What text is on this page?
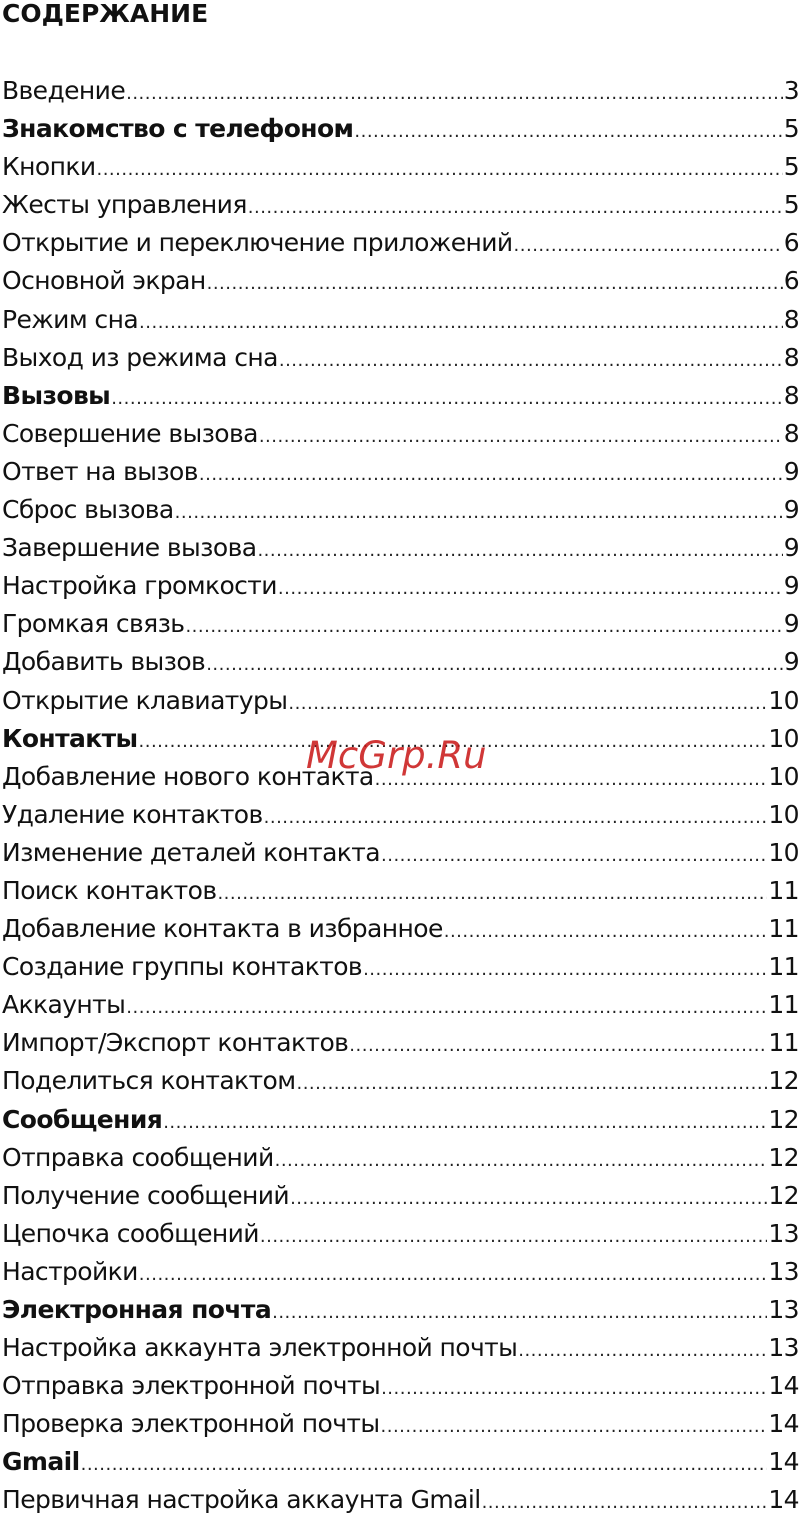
СОДЕРЖАНИЕ
Введение .....	3
Знакомство с телефоном .....	5
Кнопки .....	5
Жесты управления .....	5
Открытие и переключение приложений .....	6
Основной экран .....	6
Режим сна .....	8
Выход из режима сна .....	8
Вызовы .....	8
Совершение вызова .....	8
Ответ на вызов .....	9
Сброс вызова .....	9
Завершение вызова .....	9
Настройка громкости .....	9
Громкая связь .....	9
Добавить вызов .....	9
Открытие клавиатуры .....	10
Контакты .....	10
Добавление нового контакта .....	10
Удаление контактов .....	10
Изменение деталей контакта .....	10
Поиск контактов .....	11
Добавление контакта в избранное .....	11
Создание группы контактов .....	11
Аккаунты .....	11
Импорт/Экспорт контактов .....	11
Поделиться контактом .....	12
Сообщения .....	12
Отправка сообщений .....	12
Получение сообщений .....	12
Цепочка сообщений .....	13
Настройки .....	13
Электронная почта .....	13
Настройка аккаунта электронной почты .....	13
Отправка электронной почты .....	14
Проверка электронной почты .....	14
Gmail .....	14
Первичная настройка аккаунта Gmail .....	14
McGrp.Ru
